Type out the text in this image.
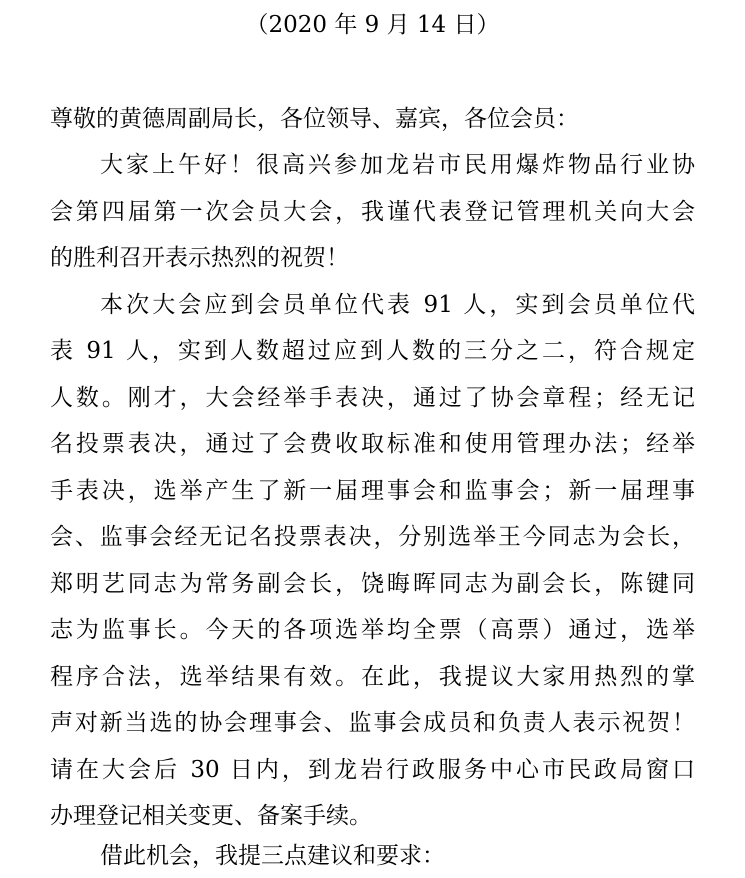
（2020 年 9 月 14 日）
尊敬的黄德周副局长，各位领导、嘉宾，各位会员：
大家上午好！很高兴参加龙岩市民用爆炸物品行业协
会第四届第一次会员大会，我谨代表登记管理机关向大会
的胜利召开表示热烈的祝贺！
本次大会应到会员单位代表 91 人，实到会员单位代
表 91 人，实到人数超过应到人数的三分之二，符合规定
人数。刚才，大会经举手表决，通过了协会章程；经无记
名投票表决，通过了会费收取标准和使用管理办法；经举
手表决，选举产生了新一届理事会和监事会；新一届理事
会、监事会经无记名投票表决，分别选举王今同志为会长，
郑明艺同志为常务副会长，饶晦晖同志为副会长，陈键同
志为监事长。今天的各项选举均全票（高票）通过，选举
程序合法，选举结果有效。在此，我提议大家用热烈的掌
声对新当选的协会理事会、监事会成员和负责人表示祝贺！
请在大会后 30 日内，到龙岩行政服务中心市民政局窗口
办理登记相关变更、备案手续。
借此机会，我提三点建议和要求：
